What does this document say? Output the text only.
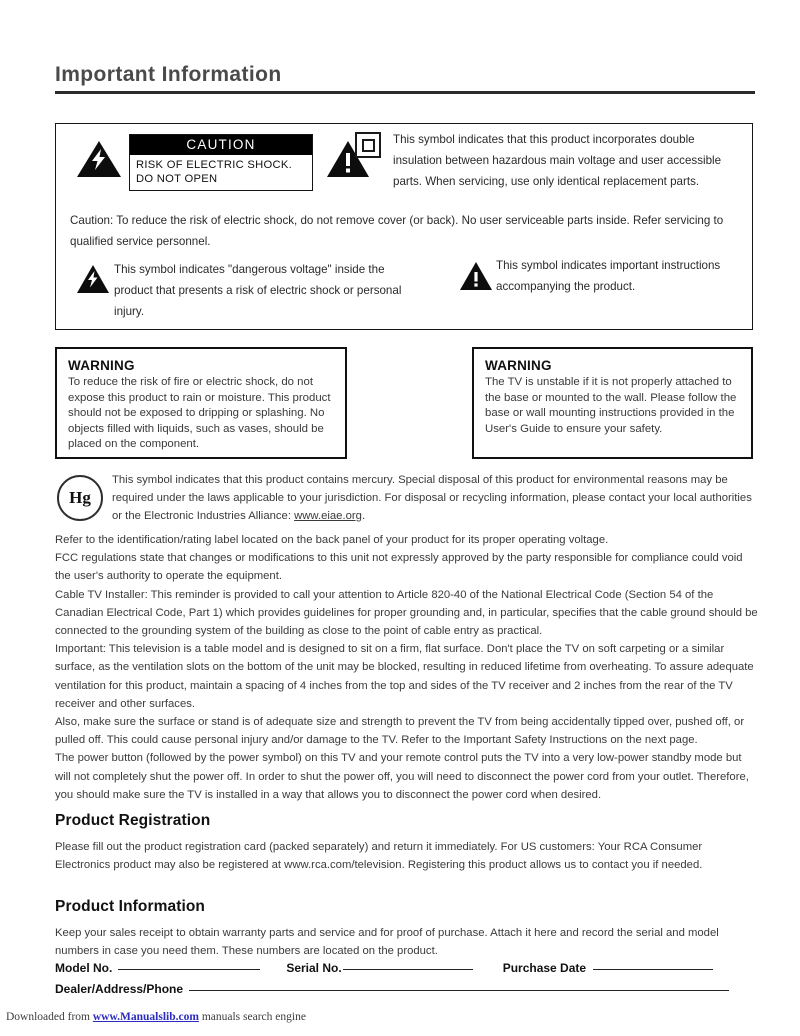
Important Information
CAUTION
RISK OF ELECTRIC SHOCK.
DO NOT OPEN
This symbol indicates that this product incorporates double insulation between hazardous main voltage and user accessible parts. When servicing, use only identical replacement parts.
Caution: To reduce the risk of electric shock, do not remove cover (or back). No user serviceable parts inside. Refer servicing to qualified service personnel.
This symbol indicates "dangerous voltage" inside the product that presents a risk of electric shock or personal injury.
This symbol indicates important instructions accompanying the product.
WARNING
To reduce the risk of fire or electric shock, do not expose this product to rain or moisture. This product should not be exposed to dripping or splashing. No objects filled with liquids, such as vases, should be placed on the component.
WARNING
The TV is unstable if it is not properly attached to the base or mounted to the wall. Please follow the base or wall mounting instructions provided in the User's Guide to ensure your safety.
Hg
This symbol indicates that this product contains mercury. Special disposal of this product for environmental reasons may be required under the laws applicable to your jurisdiction. For disposal or recycling information, please contact your local authorities or the Electronic Industries Alliance: www.eiae.org.

Refer to the identification/rating label located on the back panel of your product for its proper operating voltage.

FCC regulations state that changes or modifications to this unit not expressly approved by the party responsible for compliance could void the user's authority to operate the equipment.

Cable TV Installer: This reminder is provided to call your attention to Article 820-40 of the National Electrical Code (Section 54 of the Canadian Electrical Code, Part 1) which provides guidelines for proper grounding and, in particular, specifies that the cable ground should be connected to the grounding system of the building as close to the point of cable entry as practical.

Important: This television is a table model and is designed to sit on a firm, flat surface. Don't place the TV on soft carpeting or a similar surface, as the ventilation slots on the bottom of the unit may be blocked, resulting in reduced lifetime from overheating. To assure adequate ventilation for this product, maintain a spacing of 4 inches from the top and sides of the TV receiver and 2 inches from the rear of the TV receiver and other surfaces.

Also, make sure the surface or stand is of adequate size and strength to prevent the TV from being accidentally tipped over, pushed off, or pulled off. This could cause personal injury and/or damage to the TV. Refer to the Important Safety Instructions on the next page.

The power button (followed by the power symbol) on this TV and your remote control puts the TV into a very low-power standby mode but will not completely shut the power off. In order to shut the power off, you will need to disconnect the power cord from your outlet. Therefore, you should make sure the TV is installed in a way that allows you to disconnect the power cord when desired.

Product Registration

Please fill out the product registration card (packed separately) and return it immediately. For US customers: Your RCA Consumer Electronics product may also be registered at www.rca.com/television. Registering this product allows us to contact you if needed.

Product Information

Keep your sales receipt to obtain warranty parts and service and for proof of purchase. Attach it here and record the serial and model numbers in case you need them. These numbers are located on the product.

Model No.	Serial No.	Purchase Date
Dealer/Address/Phone
Downloaded from www.Manualslib.com manuals search engine
